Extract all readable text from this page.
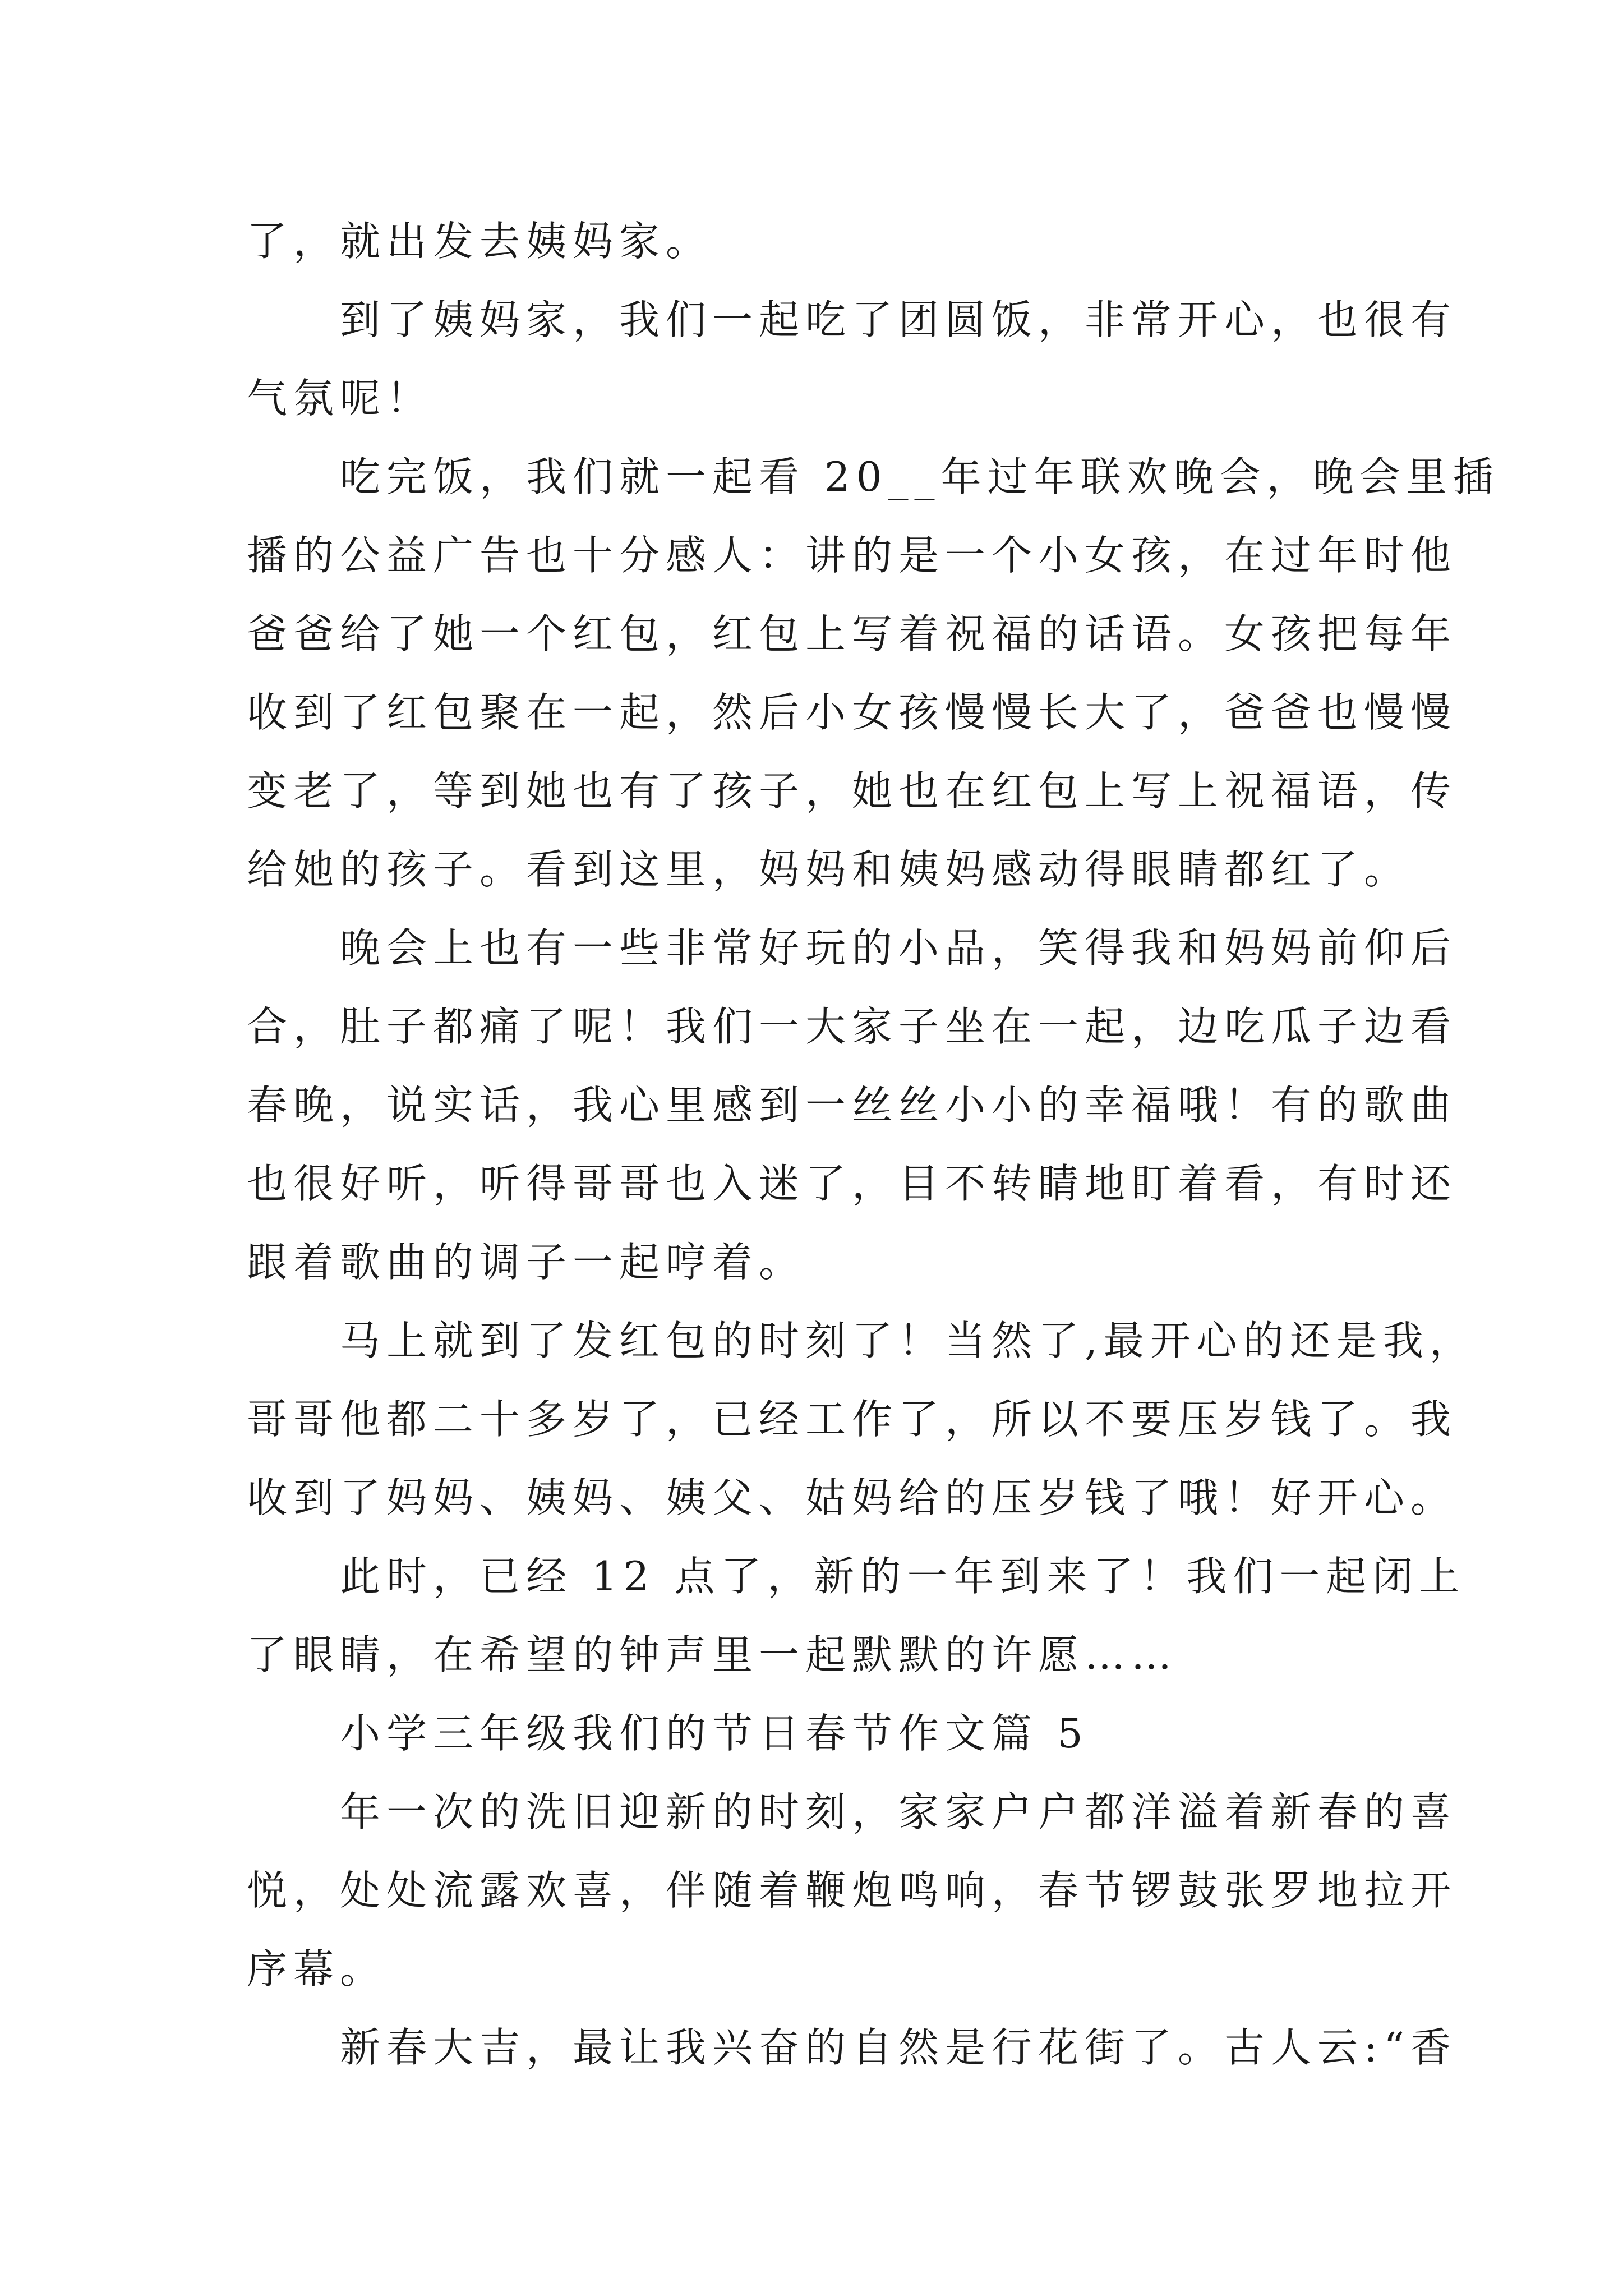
了，就出发去姨妈家。
　　到了姨妈家，我们一起吃了团圆饭，非常开心，也很有
气氛呢！
　　吃完饭，我们就一起看 20__年过年联欢晚会，晚会里插
播的公益广告也十分感人：讲的是一个小女孩，在过年时他
爸爸给了她一个红包，红包上写着祝福的话语。女孩把每年
收到了红包聚在一起，然后小女孩慢慢长大了，爸爸也慢慢
变老了，等到她也有了孩子，她也在红包上写上祝福语，传
给她的孩子。看到这里，妈妈和姨妈感动得眼睛都红了。
　　晚会上也有一些非常好玩的小品，笑得我和妈妈前仰后
合，肚子都痛了呢！我们一大家子坐在一起，边吃瓜子边看
春晚，说实话，我心里感到一丝丝小小的幸福哦！有的歌曲
也很好听，听得哥哥也入迷了，目不转睛地盯着看，有时还
跟着歌曲的调子一起哼着。
　　马上就到了发红包的时刻了！当然了,最开心的还是我，
哥哥他都二十多岁了，已经工作了，所以不要压岁钱了。我
收到了妈妈、姨妈、姨父、姑妈给的压岁钱了哦！好开心。
　　此时，已经 12 点了，新的一年到来了！我们一起闭上
了眼睛，在希望的钟声里一起默默的许愿……
　　小学三年级我们的节日春节作文篇 5
　　年一次的洗旧迎新的时刻，家家户户都洋溢着新春的喜
悦，处处流露欢喜，伴随着鞭炮鸣响，春节锣鼓张罗地拉开
序幕。
　　新春大吉，最让我兴奋的自然是行花街了。古人云:“香
